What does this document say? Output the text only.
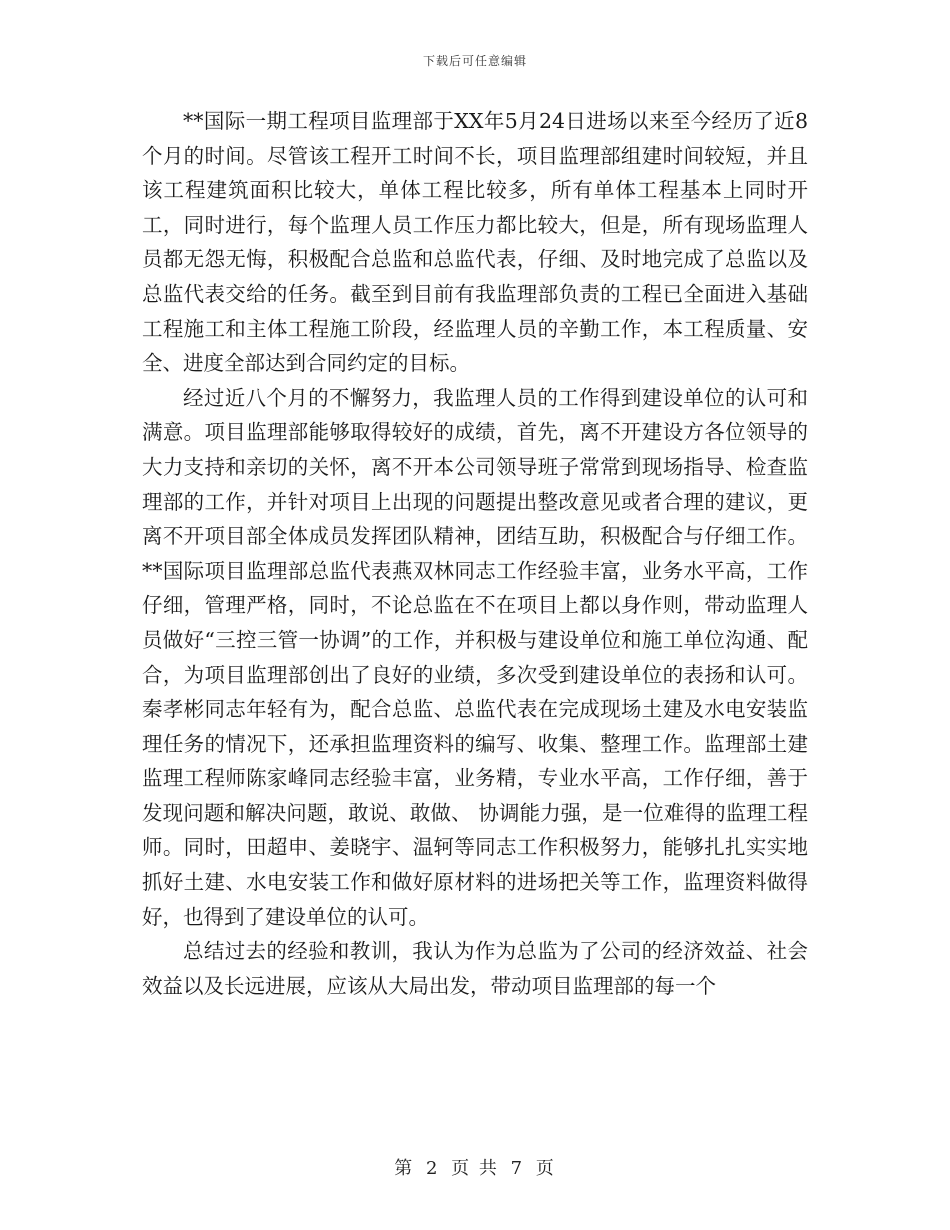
下载后可任意编辑

**国际一期工程项目监理部于XX年5月24日进场以来至今经历了近8个月的时间。尽管该工程开工时间不长，项目监理部组建时间较短，并且该工程建筑面积比较大，单体工程比较多，所有单体工程基本上同时开工，同时进行，每个监理人员工作压力都比较大，但是，所有现场监理人员都无怨无悔，积极配合总监和总监代表，仔细、及时地完成了总监以及总监代表交给的任务。截至到目前有我监理部负责的工程已全面进入基础工程施工和主体工程施工阶段，经监理人员的辛勤工作，本工程质量、安全、进度全部达到合同约定的目标。

经过近八个月的不懈努力，我监理人员的工作得到建设单位的认可和满意。项目监理部能够取得较好的成绩，首先，离不开建设方各位领导的大力支持和亲切的关怀，离不开本公司领导班子常常到现场指导、检查监理部的工作，并针对项目上出现的问题提出整改意见或者合理的建议，更离不开项目部全体成员发挥团队精神，团结互助，积极配合与仔细工作。**国际项目监理部总监代表燕双林同志工作经验丰富，业务水平高，工作仔细，管理严格，同时，不论总监在不在项目上都以身作则，带动监理人员做好“三控三管一协调”的工作，并积极与建设单位和施工单位沟通、配合，为项目监理部创出了良好的业绩，多次受到建设单位的表扬和认可。秦孝彬同志年轻有为，配合总监、总监代表在完成现场土建及水电安装监理任务的情况下，还承担监理资料的编写、收集、整理工作。监理部土建监理工程师陈家峰同志经验丰富，业务精，专业水平高，工作仔细，善于发现问题和解决问题，敢说、敢做、 协调能力强，是一位难得的监理工程师。同时，田超申、姜晓宇、温轲等同志工作积极努力，能够扎扎实实地抓好土建、水电安装工作和做好原材料的进场把关等工作，监理资料做得好，也得到了建设单位的认可。

总结过去的经验和教训，我认为作为总监为了公司的经济效益、社会效益以及长远进展，应该从大局出发，带动项目监理部的每一个

第 2 页 共 7 页
